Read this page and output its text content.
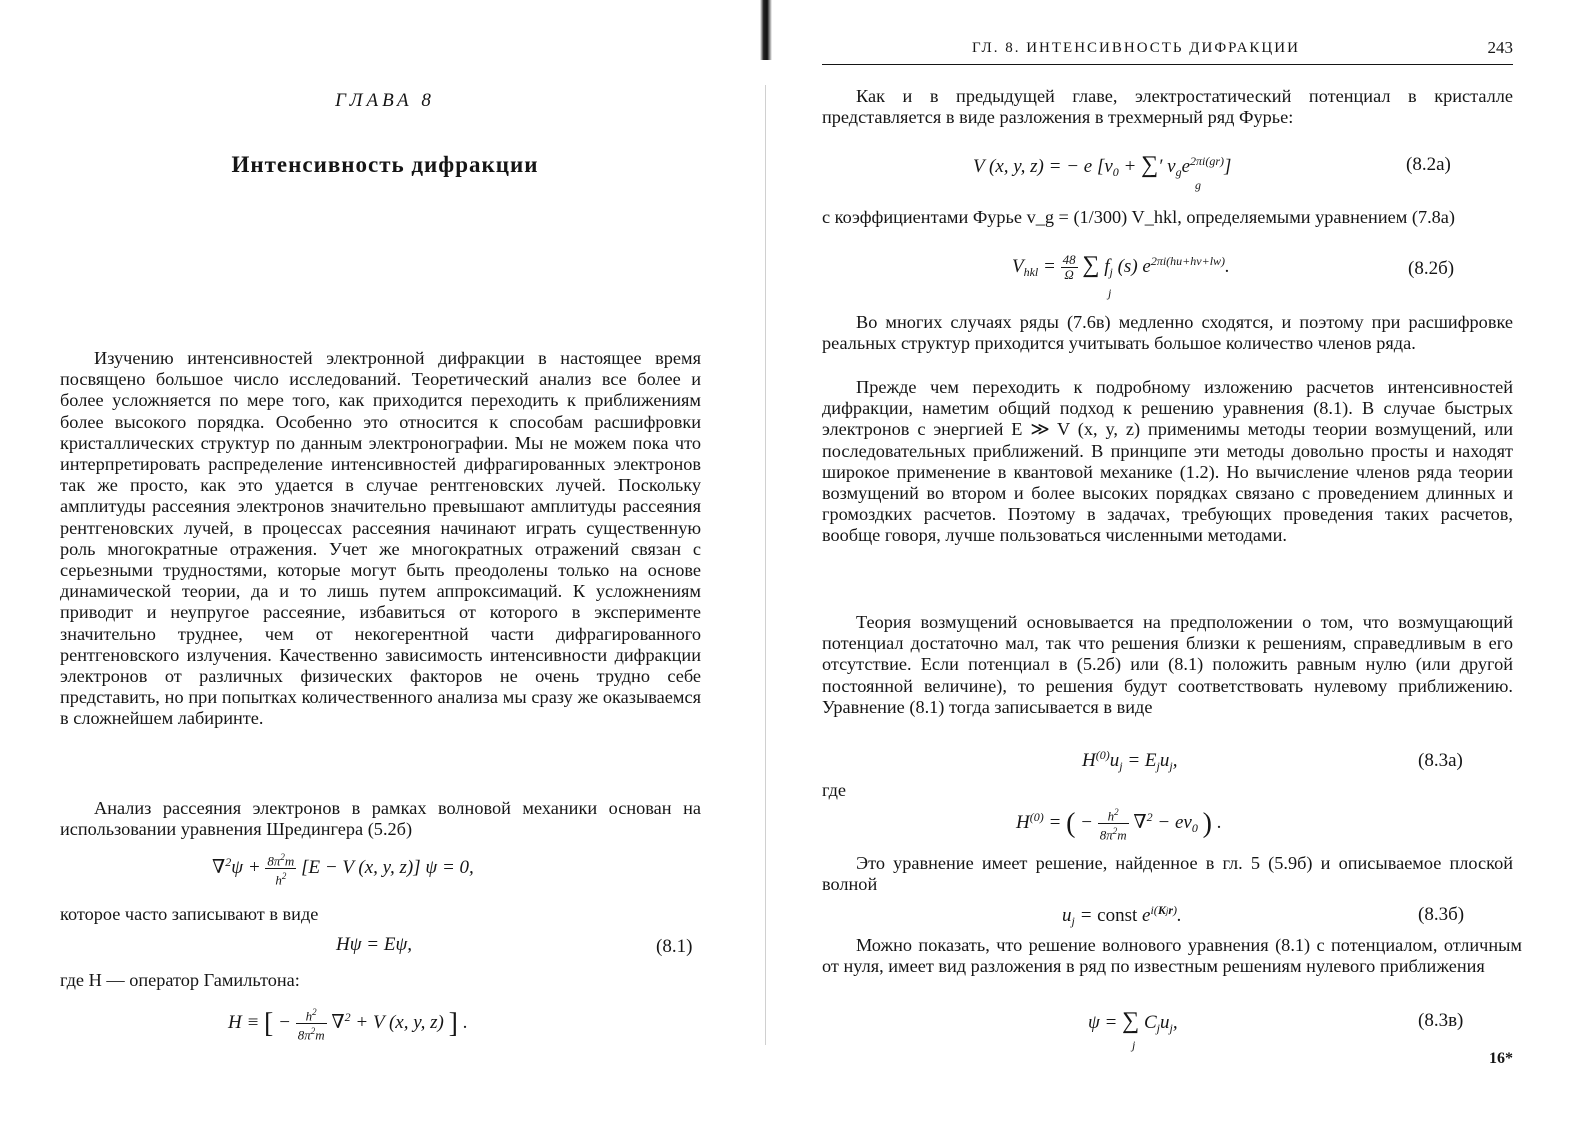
ГЛАВА 8
Интенсивность дифракции

Изучению интенсивностей электронной дифракции в настоящее время посвящено большое число исследований. Теоретический анализ все более и более усложняется по мере того, как приходится переходить к приближениям более высокого порядка. Особенно это относится к способам расшифровки кристаллических структур по данным электронографии. Мы не можем пока что интерпретировать распределение интенсивностей дифрагированных электронов так же просто, как это удается в случае рентгеновских лучей. Поскольку амплитуды рассеяния электронов значительно превышают амплитуды рассеяния рентгеновских лучей, в процессах рассеяния начинают играть существенную роль многократные отражения. Учет же многократных отражений связан с серьезными трудностями, которые могут быть преодолены только на основе динамической теории, да и то лишь путем аппроксимаций. К усложнениям приводит и неупругое рассеяние, избавиться от которого в эксперименте значительно труднее, чем от некогерентной части дифрагированного рентгеновского излучения. Качественно зависимость интенсивности дифракции электронов от различных физических факторов не очень трудно себе представить, но при попытках количественного анализа мы сразу же оказываемся в сложнейшем лабиринте.

Анализ рассеяния электронов в рамках волновой механики основан на использовании уравнения Шредингера (5.2б)

$\nabla^2\psi + \frac{8\pi^2m}{h^2} [E - V$ (x, y, z)] ψ = 0,

которое часто записывают в виде

Hψ = Eψ,	(8.1)

где H — оператор Гамильтона:

H ≡ [ − $\frac{h^2}{8\pi^2m} \nabla^2 + V$ (x, y, z) ] .
ГЛ. 8. ИНТЕНСИВНОСТЬ ДИФРАКЦИИ	243

Как и в предыдущей главе, электростатический потенциал в кристалле представляется в виде разложения в трехмерный ряд Фурье:

V (x, y, z) = − e [$v_0$ + ∑′ $v_ge^{2\pi i(gr)}$]
g
(8.2а)

с коэффициентами Фурье v_g = (1/300) V_hkl, определяемыми уравнением (7.8а)

$V_{hkl} = \frac{48}{\Omega}$ ∑ $f_j$ (s) $e^{2\pi i(hu+hv+lw)}$.
j
(8.2б)

Во многих случаях ряды (7.6в) медленно сходятся, и поэтому при расшифровке реальных структур приходится учитывать большое количество членов ряда.

Прежде чем переходить к подробному изложению расчетов интенсивностей дифракции, наметим общий подход к решению уравнения (8.1). В случае быстрых электронов с энергией E ≫ V (x, y, z) применимы методы теории возмущений, или последовательных приближений. В принципе эти методы довольно просты и находят широкое применение в квантовой механике (1.2). Но вычисление членов ряда теории возмущений во втором и более высоких порядках связано с проведением длинных и громоздких расчетов. Поэтому в задачах, требующих проведения таких расчетов, вообще говоря, лучше пользоваться численными методами.

Теория возмущений основывается на предположении о том, что возмущающий потенциал достаточно мал, так что решения близки к решениям, справедливым в его отсутствие. Если потенциал в (5.2б) или (8.1) положить равным нулю (или другой постоянной величине), то решения будут соответствовать нулевому приближению. Уравнение (8.1) тогда записывается в виде

$H^{(0)}u_j = E_ju_j$,	(8.3а)

где

$H^{(0)}$ = ( − $\frac{h^2}{8\pi^2m} \nabla^2 - ev_0$ ) .

Это уравнение имеет решение, найденное в гл. 5 (5.9б) и описываемое плоской волной

$u_j$ = const $e^{i(Kjr)}$.	(8.3б)

Можно показать, что решение волнового уравнения (8.1) с потенциалом, отличным от нуля, имеет вид разложения в ряд по известным решениям нулевого приближения

ψ = ∑ $C_ju_j$,
j
(8.3в)
16*
